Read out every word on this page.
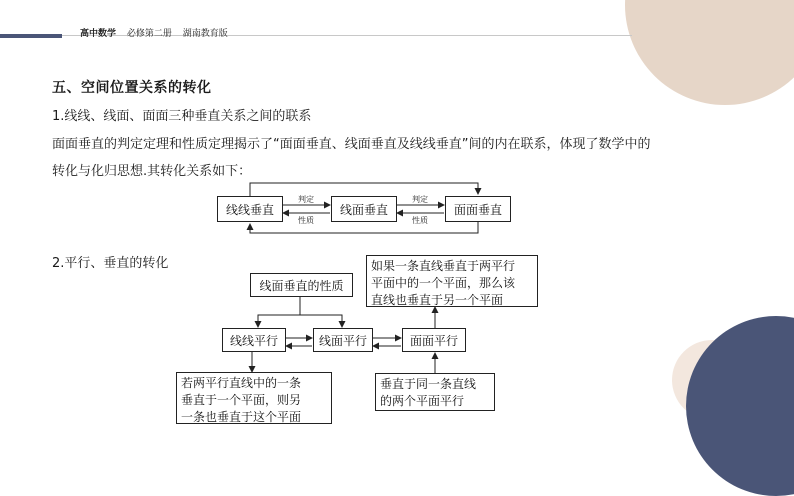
高中数学 必修第二册 湖南教育版
五、空间位置关系的转化
1.线线、线面、面面三种垂直关系之间的联系
面面垂直的判定定理和性质定理揭示了“面面垂直、线面垂直及线线垂直”间的内在联系，体现了数学中的
转化与化归思想.其转化关系如下：
线线垂直	线面垂直	面面垂直
判定
性质
判定
性质
2.平行、垂直的转化
线面垂直的性质
线线平行	线面平行	面面平行
如果一条直线垂直于两平行
平面中的一个平面，那么该
直线也垂直于另一个平面
若两平行直线中的一条
垂直于一个平面，则另
一条也垂直于这个平面
垂直于同一条直线
的两个平面平行
